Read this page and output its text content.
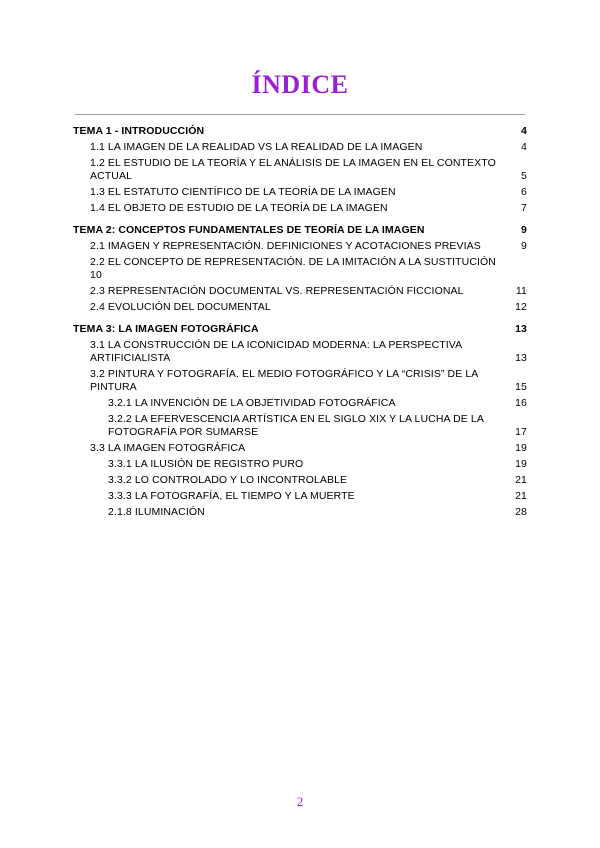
ÍNDICE
TEMA 1 - INTRODUCCIÓN	4
1.1 LA IMAGEN DE LA REALIDAD VS LA REALIDAD DE LA IMAGEN	4
1.2 EL ESTUDIO DE LA TEORÍA Y EL ANÁLISIS DE LA IMAGEN EN EL CONTEXTO ACTUAL	5
1.3 EL ESTATUTO CIENTÍFICO DE LA TEORÍA DE LA IMAGEN	6
1.4 EL OBJETO DE ESTUDIO DE LA TEORÍA DE LA IMAGEN	7
TEMA 2: CONCEPTOS FUNDAMENTALES DE TEORÍA DE LA IMAGEN	9
2.1 IMAGEN Y REPRESENTACIÓN. DEFINICIONES Y ACOTACIONES PREVIAS	9
2.2 EL CONCEPTO DE REPRESENTACIÓN. DE LA IMITACIÓN A LA SUSTITUCIÓN 10
2.3 REPRESENTACIÓN DOCUMENTAL VS. REPRESENTACIÓN FICCIONAL	11
2.4 EVOLUCIÓN DEL DOCUMENTAL	12
TEMA 3: LA IMAGEN FOTOGRÁFICA	13
3.1 LA CONSTRUCCIÓN DE LA ICONICIDAD MODERNA: LA PERSPECTIVA ARTIFICIALISTA	13
3.2 PINTURA Y FOTOGRAFÍA. EL MEDIO FOTOGRÁFICO Y LA “CRISIS” DE LA PINTURA	15
3.2.1 LA INVENCIÓN DE LA OBJETIVIDAD FOTOGRÁFICA	16
3.2.2 LA EFERVESCENCIA ARTÍSTICA EN EL SIGLO XIX Y LA LUCHA DE LA FOTOGRAFÍA POR SUMARSE	17
3.3 LA IMAGEN FOTOGRÁFICA	19
3.3.1 LA ILUSIÓN DE REGISTRO PURO	19
3.3.2 LO CONTROLADO Y LO INCONTROLABLE	21
3.3.3 LA FOTOGRAFÍA, EL TIEMPO Y LA MUERTE	21
2.1.8 ILUMINACIÓN	28
2
